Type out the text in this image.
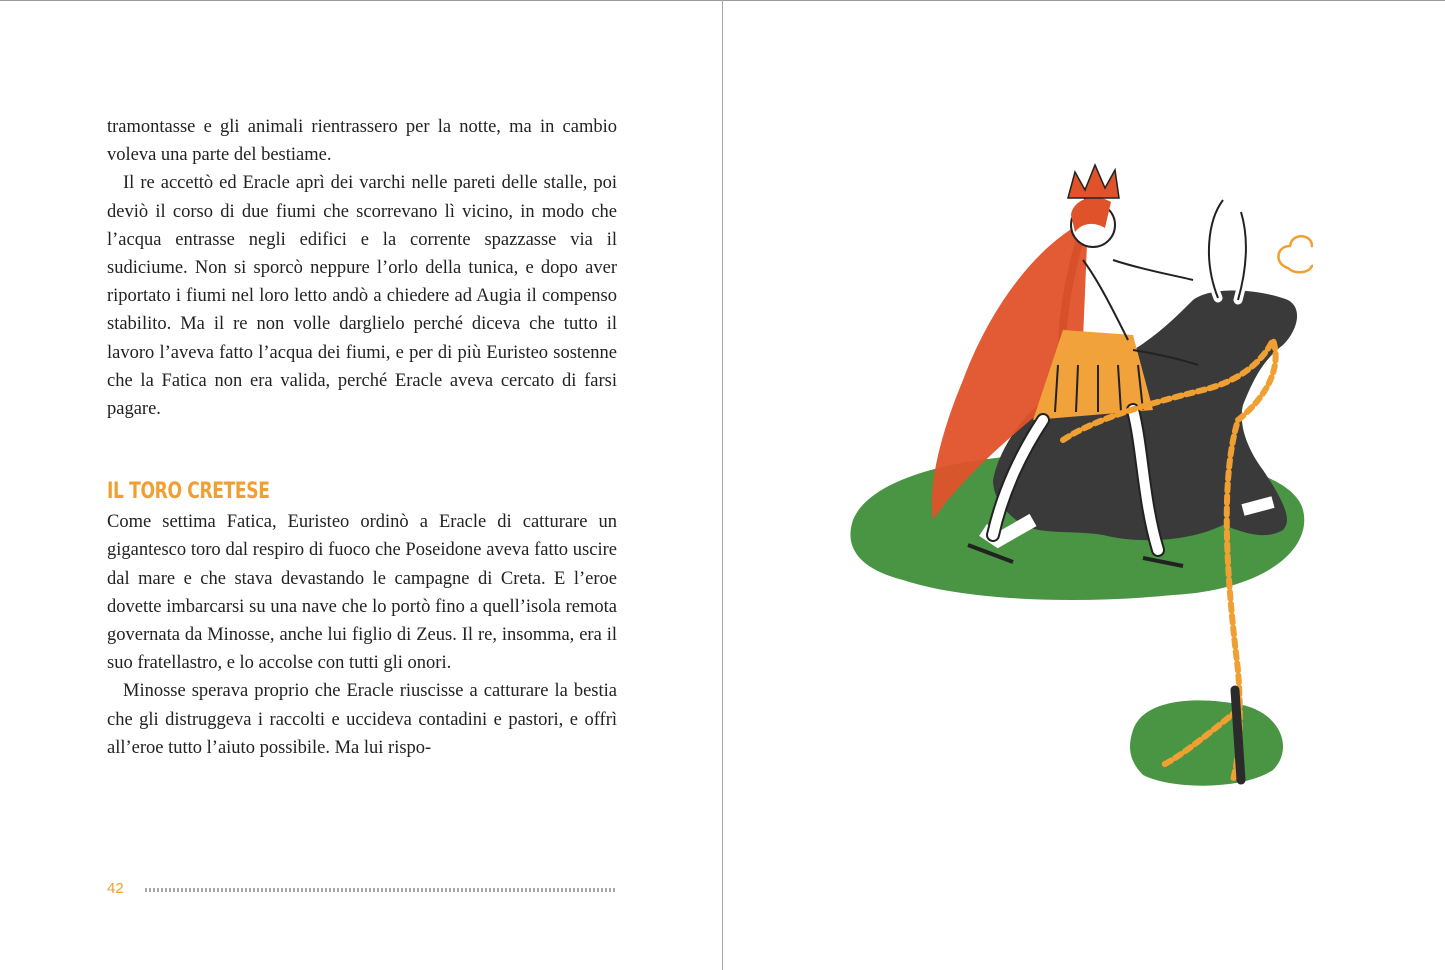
tramontasse e gli animali rientrassero per la notte, ma in cambio voleva una parte del bestiame.

Il re accettò ed Eracle aprì dei varchi nelle pareti delle stalle, poi deviò il corso di due fiumi che scorrevano lì vicino, in modo che l’acqua entrasse negli edifici e la corrente spazzasse via il sudiciume. Non si sporcò neppure l’orlo della tunica, e dopo aver riportato i fiumi nel loro letto andò a chiedere ad Augia il compenso stabilito. Ma il re non volle darglielo perché diceva che tutto il lavoro l’aveva fatto l’acqua dei fiumi, e per di più Euristeo sostenne che la Fatica non era valida, perché Eracle aveva cercato di farsi pagare.

IL TORO CRETESE

Come settima Fatica, Euristeo ordinò a Eracle di catturare un gigantesco toro dal respiro di fuoco che Poseidone aveva fatto uscire dal mare e che stava devastando le campagne di Creta. E l’eroe dovette imbarcarsi su una nave che lo portò fino a quell’isola remota governata da Minosse, anche lui figlio di Zeus. Il re, insomma, era il suo fratellastro, e lo accolse con tutti gli onori.

Minosse sperava proprio che Eracle riuscisse a catturare la bestia che gli distruggeva i raccolti e uccideva contadini e pastori, e offrì all’eroe tutto l’aiuto possibile. Ma lui rispo-

42
